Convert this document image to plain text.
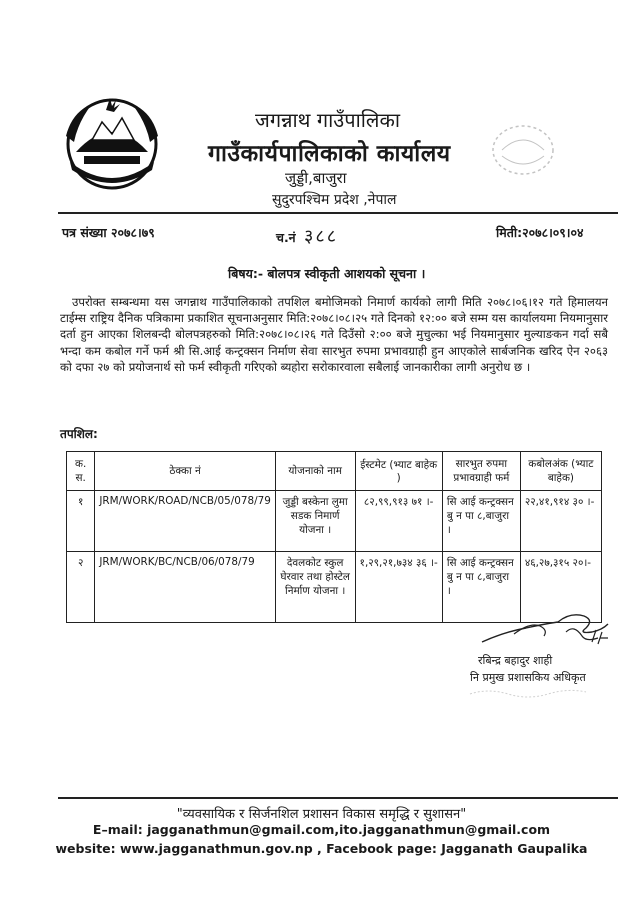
जगन्नाथ गाउँपालिका
गाउँकार्यपालिकाको कार्यालय
जुड्डी,बाजुरा
सुदुरपश्चिम प्रदेश ,नेपाल
पत्र संख्या २०७८।७९	च.नं ३८८	मिती:२०७८।०९।०४
बिषय:- बोलपत्र स्वीकृती आशयको सूचना ।
उपरोक्त सम्बन्धमा यस जगन्नाथ गाउँपालिकाको तपशिल बमोजिमको निमार्ण कार्यको लागी मिति २०७८।०६।१२ गते हिमालयन टाईम्स राष्ट्रिय दैनिक पत्रिकामा प्रकाशित सूचनाअनुसार मिति:२०७८।०८।२५ गते दिनको १२:०० बजे सम्म यस कार्यालयमा नियमानुसार दर्ता हुन आएका शिलबन्दी बोलपत्रहरुको मिति:२०७८।०८।२६ गते दिउँसो २:०० बजे मुचुल्का भई नियमानुसार मुल्याङकन गर्दा सबै भन्दा कम कबोल गर्ने फर्म श्री सि.आई कन्ट्रक्सन निर्माण सेवा सारभुत रुपमा प्रभावग्राही हुन आएकोले सार्बजनिक खरिद ऐन २०६३ को दफा २७ को प्रयोजनार्थ सो फर्म स्वीकृती गरिएको ब्यहोरा सरोकारवाला सबैलाई जानकारीका लागी अनुरोध छ ।
तपशिल:
क. स.	ठेक्का नं	योजनाको नाम	ईस्टमेट (भ्याट बाहेक )	सारभुत रुपमा प्रभावग्राही फर्म	कबोलअंक (भ्याट बाहेक)
१	JRM/WORK/ROAD/NCB/05/078/79	जुड्डी बस्केना लुमा सडक निमार्ण योजना ।	८२,९९,९१३ ७१ ।-	सि आई कन्ट्रक्सन बु न पा ८,बाजुरा ।	२२,४१,९१४ ३० ।-
२	JRM/WORK/BC/NCB/06/078/79	देवलकोट स्कुल घेरवार तथा होस्टेल निर्माण योजना ।	१,२९,२१,७३४ ३६ ।-	सि आई कन्ट्रक्सन बु न पा ८,बाजुरा ।	४६,२७,३१५ २०।-
रबिन्द्र बहादुर शाही
नि प्रमुख प्रशासकिय अधिकृत
"व्यवसायिक र सिर्जनशिल प्रशासन विकास समृद्धि र सुशासन"
E–mail: jagganathmun@gmail.com,ito.jagganathmun@gmail.com
website: www.jagganathmun.gov.np , Facebook page: Jagganath Gaupalika
